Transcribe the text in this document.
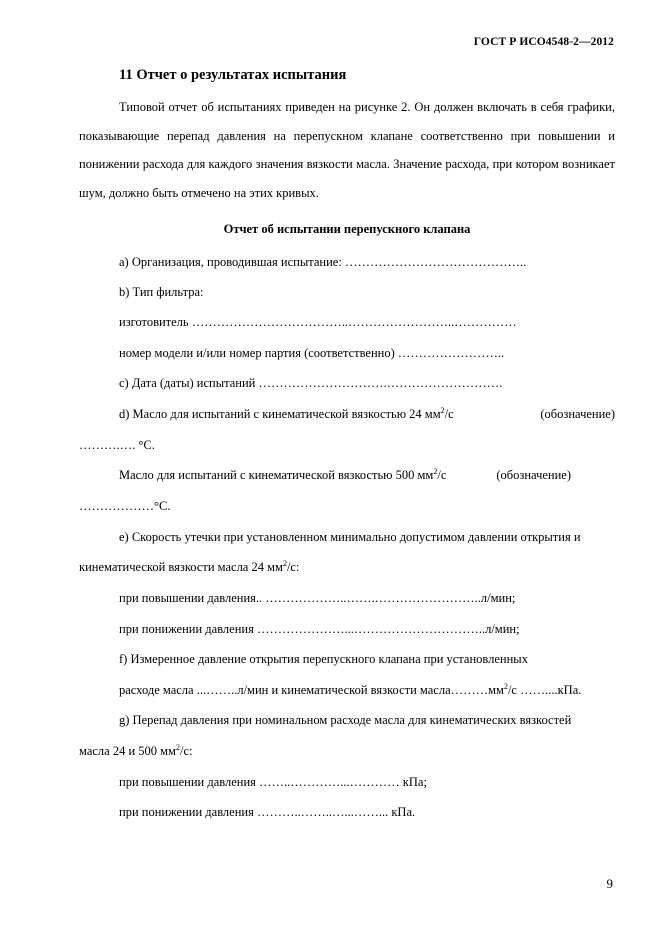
ГОСТ Р ИСО4548-2—2012
11 Отчет о результатах испытания
Типовой отчет об испытаниях приведен на рисунке 2. Он должен включать в себя графики, показывающие перепад давления на перепускном клапане соответственно при повышении и понижении расхода для каждого значения вязкости масла. Значение расхода, при котором возникает шум, должно быть отмечено на этих кривых.
Отчет об испытании перепускного клапана
a) Организация, проводившая испытание: ……………………………………..
b) Тип фильтра:
изготовитель ………………………………..……………………..……………
номер модели и/или номер партия (соответственно) ……………………..
c) Дата (даты) испытаний ………………………….……………………….
d) Масло для испытаний с кинематической вязкостью 24 $мм^2/с$	(обозначение)
……….…. °С.
Масло для испытаний с кинематической вязкостью 500 $мм^2/с$	(обозначение)
………………°С.
e) Скорость утечки при установленном минимально допустимом давлении открытия и
кинематической вязкости масла 24 $мм^2/с$:
при повышении давления.. ………………..…….……………………..л/мин;
при понижении давления …………………...…………………………..л/мин;
f) Измеренное давление открытия перепускного клапана при установленных
расходе масла ...……..л/мин и кинематической вязкости $масла\dots\dots\dots мм^2/с$ ……....кПа.
g) Перепад давления при номинальном расходе масла для кинематических вязкостей
масла 24 и 500 $мм^2/с$:
при повышении давления ……..…………...………… кПа;
при понижении давления ………..……..…...……... кПа.
9
